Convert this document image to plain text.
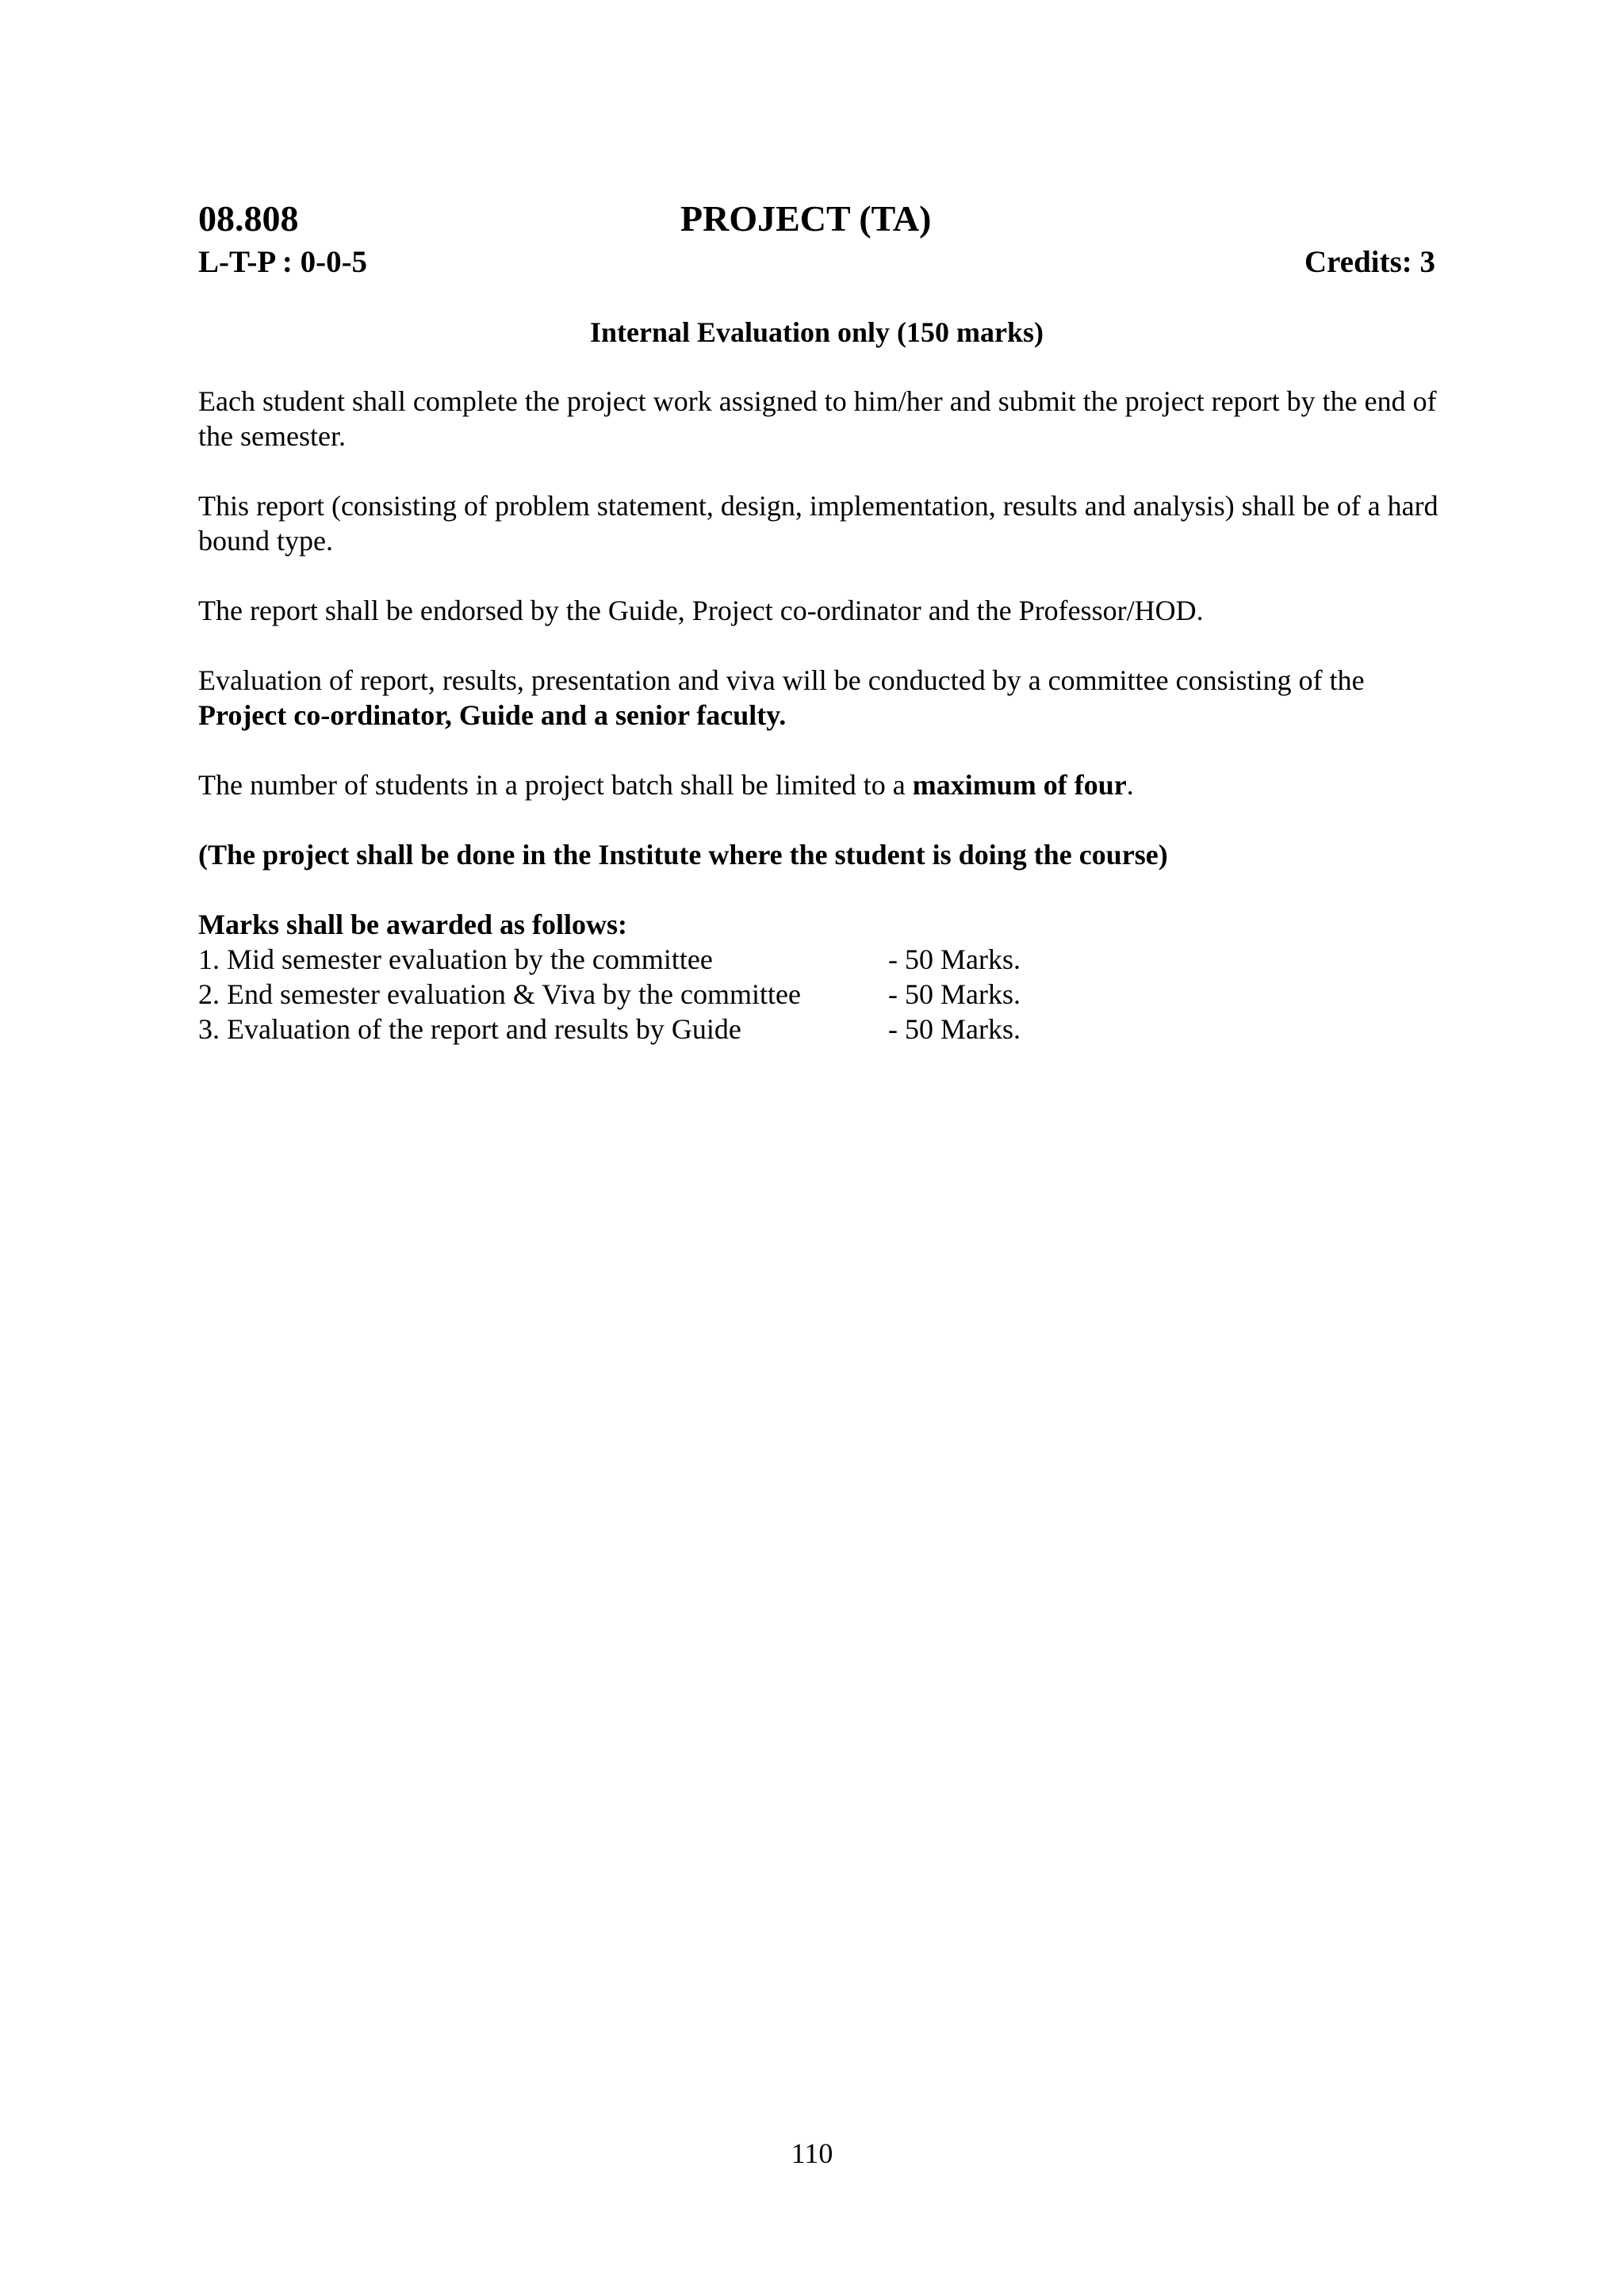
08.808	PROJECT (TA)
L-T-P : 0-0-5	Credits: 3
Internal Evaluation only (150 marks)

Each student shall complete the project work assigned to him/her and submit the project report by the end of the semester.

This report (consisting of problem statement, design, implementation, results and analysis) shall be of a hard bound type.

The report shall be endorsed by the Guide, Project co-ordinator and the Professor/HOD.

Evaluation of report, results, presentation and viva will be conducted by a committee consisting of the Project co-ordinator, Guide and a senior faculty.

The number of students in a project batch shall be limited to a maximum of four.

(The project shall be done in the Institute where the student is doing the course)

Marks shall be awarded as follows:
1. Mid semester evaluation by the committee	- 50 Marks.
2. End semester evaluation & Viva by the committee	- 50 Marks.
3. Evaluation of the report and results by Guide	- 50 Marks.
110
